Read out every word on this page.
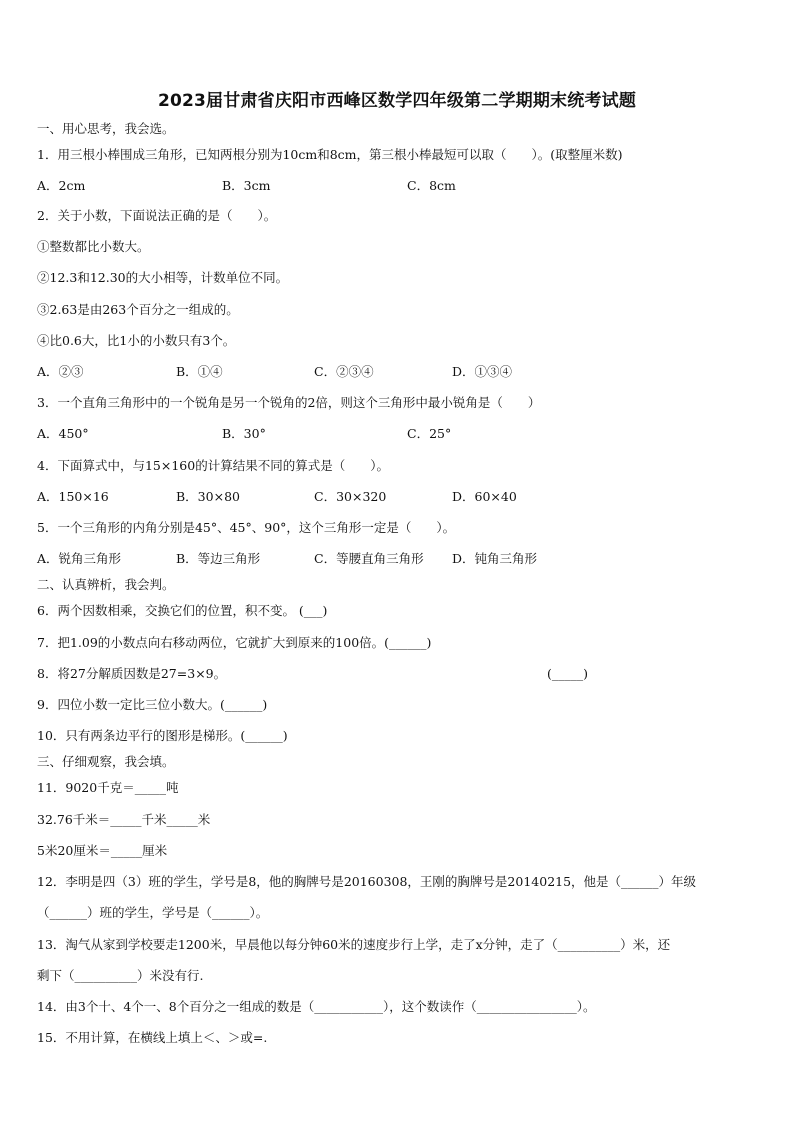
2023届甘肃省庆阳市西峰区数学四年级第二学期期末统考试题
一、用心思考，我会选。
1．用三根小棒围成三角形，已知两根分别为10cm和8cm，第三根小棒最短可以取（　　）。(取整厘米数)
A．2cm	B．3cm	C．8cm
2．关于小数，下面说法正确的是（　　）。
①整数都比小数大。
②12.3和12.30的大小相等，计数单位不同。
③2.63是由263个百分之一组成的。
④比0.6大，比1小的小数只有3个。
A．②③	B．①④	C．②③④	D．①③④
3．一个直角三角形中的一个锐角是另一个锐角的2倍，则这个三角形中最小锐角是（　　）
A．450°	B．30°	C．25°
4．下面算式中，与15×160的计算结果不同的算式是（　　）。
A．150×16	B．30×80	C．30×320	D．60×40
5．一个三角形的内角分别是45°、45°、90°，这个三角形一定是（　　）。
A．锐角三角形	B．等边三角形	C．等腰直角三角形 D．钝角三角形
二、认真辨析，我会判。
6．两个因数相乘，交换它们的位置，积不变。 (___)
7．把1.09的小数点向右移动两位，它就扩大到原来的100倍。(______)
8．将27分解质因数是27=3×9。	(_____)
9．四位小数一定比三位小数大。(______)
10．只有两条边平行的图形是梯形。(______)
三、仔细观察，我会填。
11．9020千克＝_____吨
32.76千米＝_____千米_____米
5米20厘米＝_____厘米
12．李明是四（3）班的学生，学号是8，他的胸牌号是20160308，王刚的胸牌号是20140215，他是（______）年级
（______）班的学生，学号是（______）。
13．淘气从家到学校要走1200米，早晨他以每分钟60米的速度步行上学，走了x分钟，走了（__________）米，还
剩下（__________）米没有行.
14．由3个十、4个一、8个百分之一组成的数是（___________），这个数读作（________________）。
15．不用计算，在横线上填上＜、＞或=.
